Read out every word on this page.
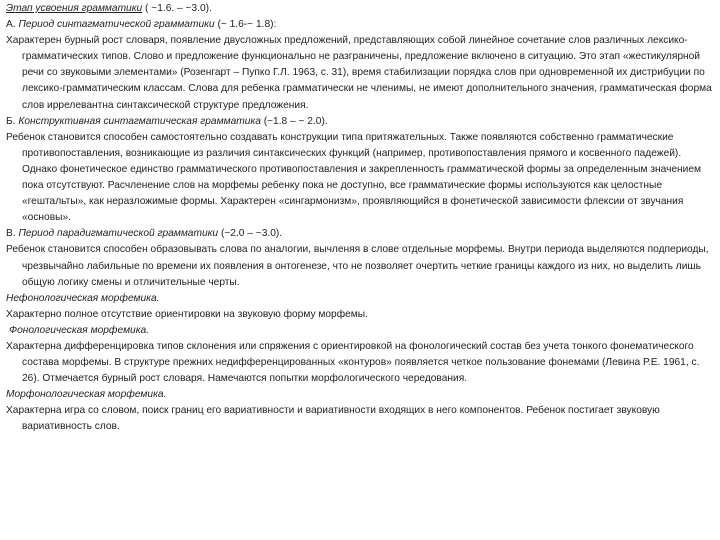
Этап усвоения грамматики ( ~1.6. – ~3.0).

А. Период синтагматической грамматики (~ 1.6-~ 1.8):

Характерен бурный рост словаря, появление двусложных предложений, представляющих собой линейное сочетание слов различных лексико-грамматических типов. Слово и предложение функционально не разграничены, предложение включено в ситуацию. Это этап «жестикулярной речи со звуковыми элементами» (Розенгарт – Пупко Г.Л. 1963, с. 31), время стабилизации порядка слов при одновременной их дистрибуции по лексико-грамматическим классам. Слова для ребенка грамматически не членимы, не имеют дополнительного значения, грамматическая форма слов иррелевантна синтаксической структуре предложения.

Б. Конструктивная синтагматическая грамматика (~1.8 – ~ 2.0).

Ребенок становится способен самостоятельно создавать конструкции типа притяжательных. Также появляются собственно грамматические противопоставления, возникающие из различия синтаксических функций (например, противопоставления прямого и косвенного падежей). Однако фонетическое единство грамматического противопоставления и закрепленность грамматической формы за определенным значением пока отсутствуют. Расчленение слов на морфемы ребенку пока не доступно, все грамматические формы используются как целостные «гештальты», как неразложимые формы. Характерен «сингармонизм», проявляющийся в фонетической зависимости флексии от звучания «основы».

В. Период парадигматической грамматики (~2.0 – ~3.0).

Ребенок становится способен образовывать слова по аналогии, вычленяя в слове отдельные морфемы. Внутри периода выделяются подпериоды, чрезвычайно лабильные по времени их появления в онтогенезе, что не позволяет очертить четкие границы каждого из них, но выделить лишь общую логику смены и отличительные черты.

Нефонологическая морфемика.

Характерно полное отсутствие ориентировки на звуковую форму морфемы.

Фонологическая морфемика.

Характерна дифференцировка типов склонения или спряжения с ориентировкой на фонологический состав без учета тонкого фонематического состава морфемы. В структуре прежних недифференцированных «контуров» появляется четкое пользование фонемами (Левина Р.Е. 1961, с. 26). Отмечается бурный рост словаря. Намечаются попытки морфологического чередования.

Морфонологическая морфемика.

Характерна игра со словом, поиск границ его вариативности и вариативности входящих в него компонентов. Ребенок постигает звуковую вариативность слов.
